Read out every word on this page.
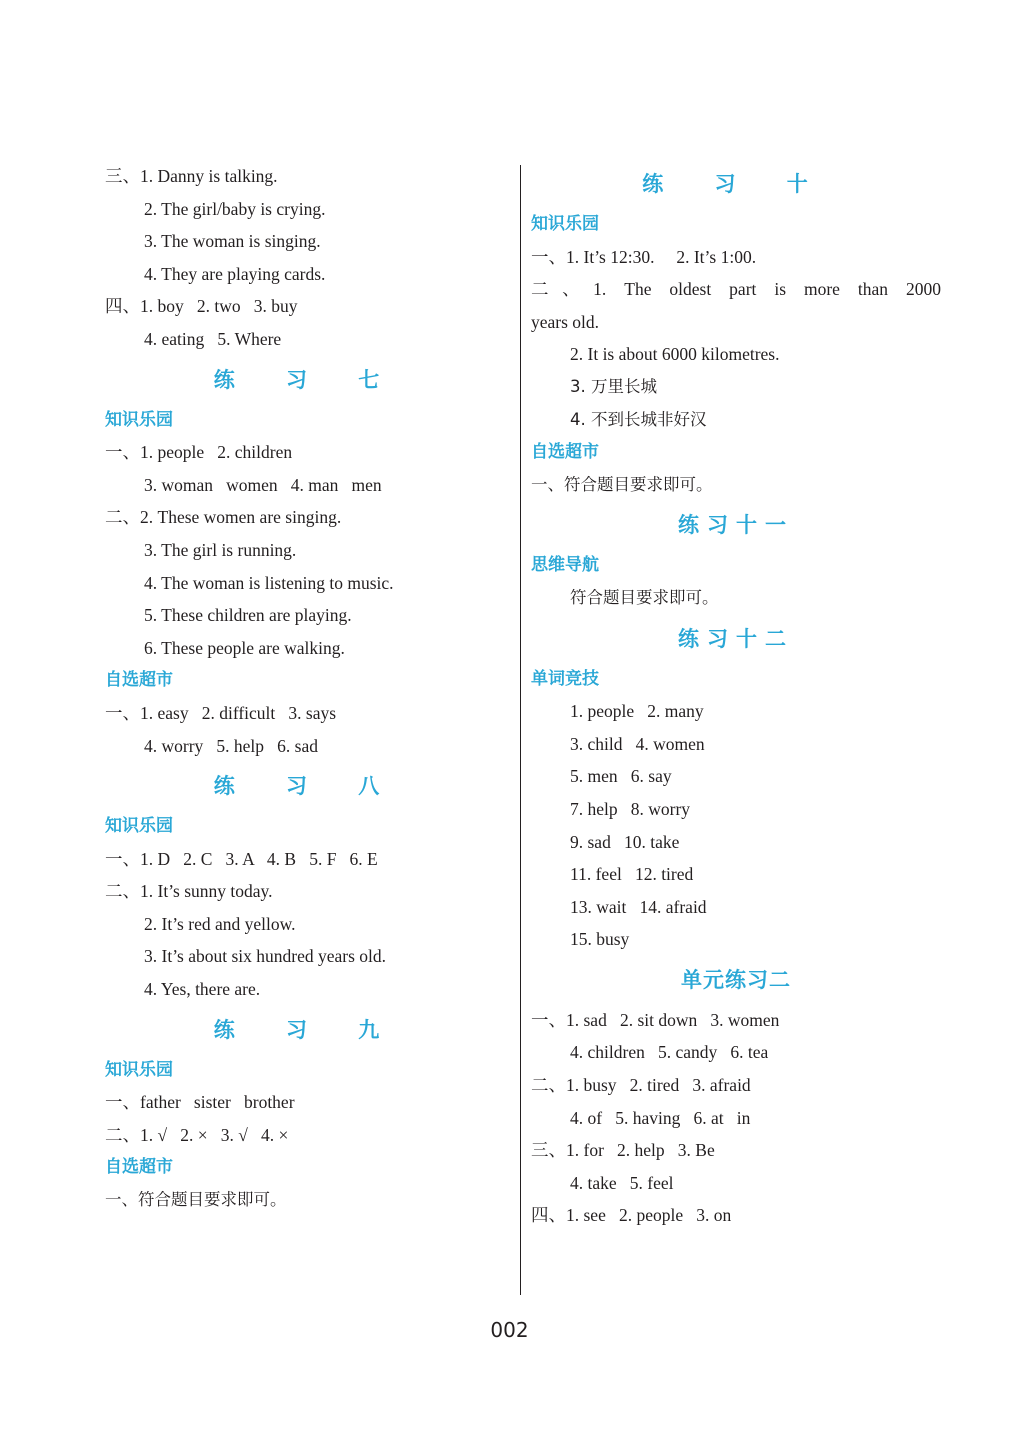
三、1. Danny is talking.
2. The girl/baby is crying.
3. The woman is singing.
4. They are playing cards.
四、1. boy   2. two   3. buy
4. eating   5. Where
练 习 七
知识乐园
一、1. people   2. children
3. woman   women   4. man   men
二、2. These women are singing.
3. The girl is running.
4. The woman is listening to music.
5. These children are playing.
6. These people are walking.
自选超市
一、1. easy   2. difficult   3. says
4. worry   5. help   6. sad
练 习 八
知识乐园
一、1. D   2. C   3. A   4. B   5. F   6. E
二、1. It’s sunny today.
2. It’s red and yellow.
3. It’s about six hundred years old.
4. Yes, there are.
练 习 九
知识乐园
一、father   sister   brother
二、1. √   2. ×   3. √   4. ×
自选超市
一、符合题目要求即可。
练 习 十
知识乐园
一、1. It’s 12:30.     2. It’s 1:00.
二、1. The oldest part is more than 2000
years old.
2. It is about 6000 kilometres.
3. 万里长城
4. 不到长城非好汉
自选超市
一、符合题目要求即可。
练习十一
思维导航
符合题目要求即可。
练习十二
单词竞技
1. people   2. many
3. child   4. women
5. men   6. say
7. help   8. worry
9. sad   10. take
11. feel   12. tired
13. wait   14. afraid
15. busy
单元练习二
一、1. sad   2. sit down   3. women
4. children   5. candy   6. tea
二、1. busy   2. tired   3. afraid
4. of   5. having   6. at   in
三、1. for   2. help   3. Be
4. take   5. feel
四、1. see   2. people   3. on
002
